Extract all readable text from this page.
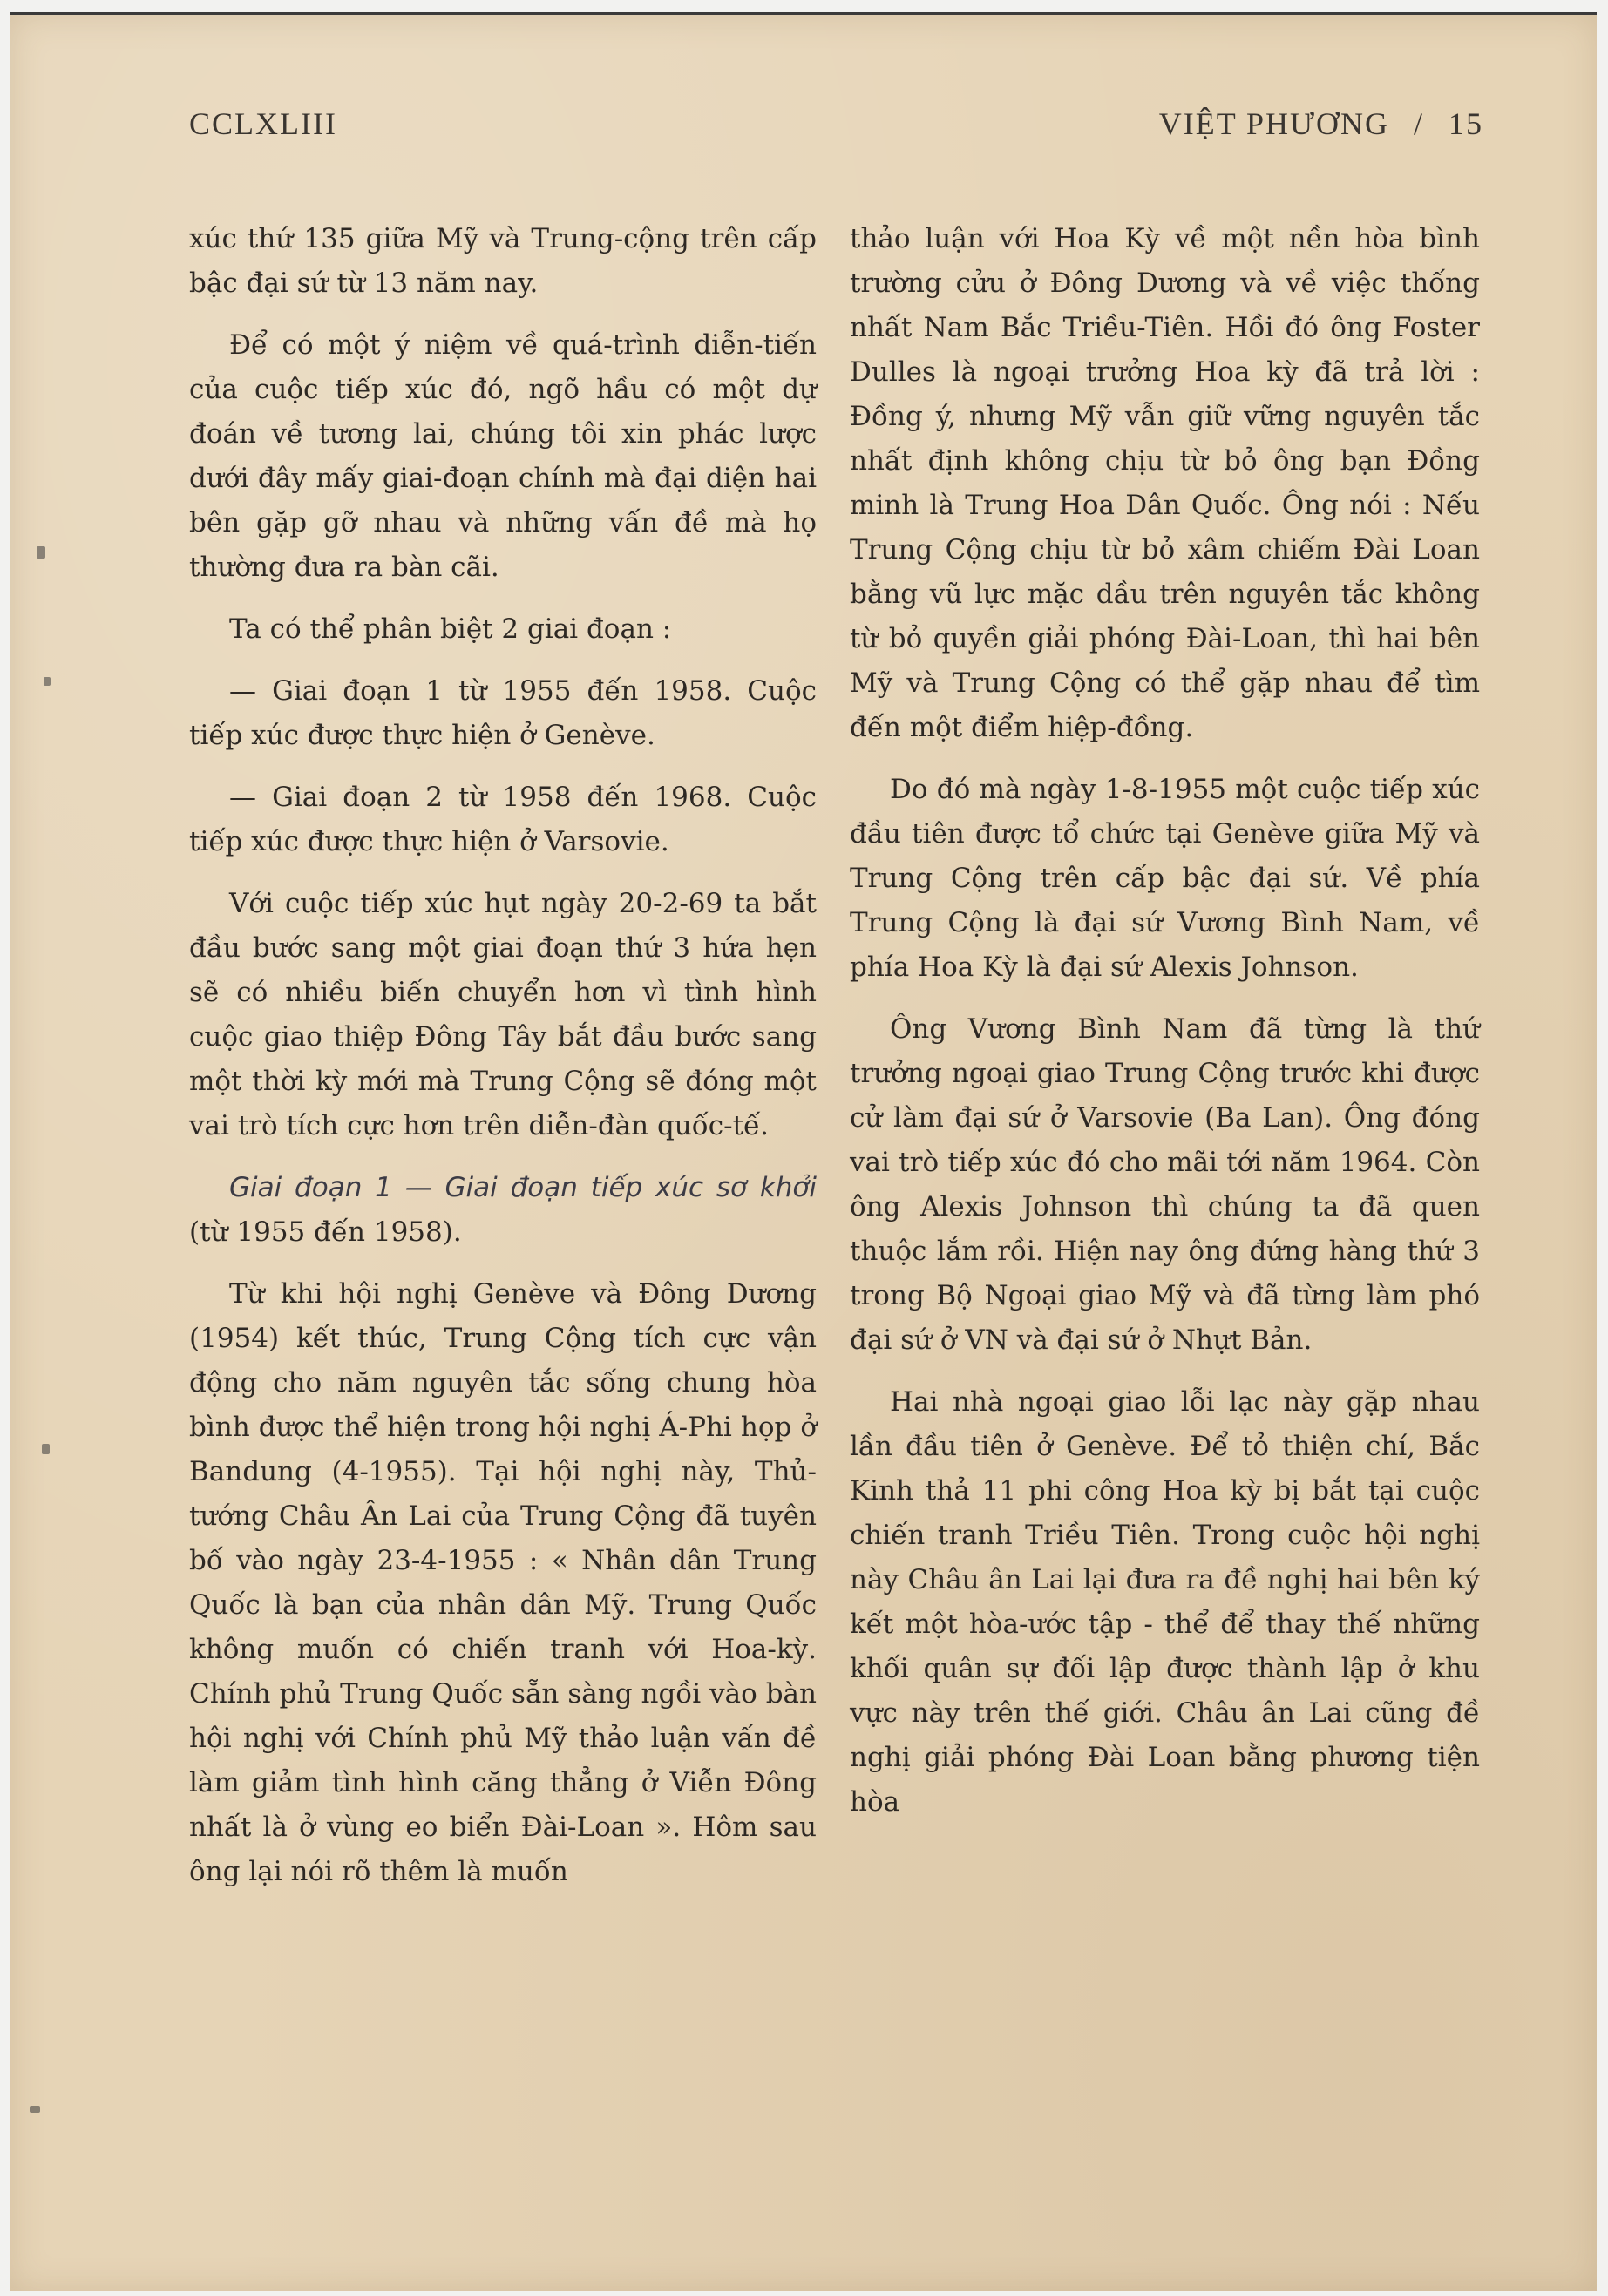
CCLXLIII	VIỆT PHƯƠNG / 15

xúc thứ 135 giữa Mỹ và Trung-cộng trên cấp bậc đại sứ từ 13 năm nay.

Để có một ý niệm về quá-trình diễn-tiến của cuộc tiếp xúc đó, ngõ hầu có một dự đoán về tương lai, chúng tôi xin phác lược dưới đây mấy giai-đoạn chính mà đại diện hai bên gặp gỡ nhau và những vấn đề mà họ thường đưa ra bàn cãi.

Ta có thể phân biệt 2 giai đoạn :

— Giai đoạn 1 từ 1955 đến 1958. Cuộc tiếp xúc được thực hiện ở Genève.

— Giai đoạn 2 từ 1958 đến 1968. Cuộc tiếp xúc được thực hiện ở Varsovie.

Với cuộc tiếp xúc hụt ngày 20-2-69 ta bắt đầu bước sang một giai đoạn thứ 3 hứa hẹn sẽ có nhiều biến chuyển hơn vì tình hình cuộc giao thiệp Đông Tây bắt đầu bước sang một thời kỳ mới mà Trung Cộng sẽ đóng một vai trò tích cực hơn trên diễn-đàn quốc-tế.

Giai đoạn 1 — Giai đoạn tiếp xúc sơ khởi (từ 1955 đến 1958).

Từ khi hội nghị Genève và Đông Dương (1954) kết thúc, Trung Cộng tích cực vận động cho năm nguyên tắc sống chung hòa bình được thể hiện trong hội nghị Á-Phi họp ở Bandung (4-1955). Tại hội nghị này, Thủ-tướng Châu Ân Lai của Trung Cộng đã tuyên bố vào ngày 23-4-1955 : « Nhân dân Trung Quốc là bạn của nhân dân Mỹ. Trung Quốc không muốn có chiến tranh với Hoa-kỳ. Chính phủ Trung Quốc sẵn sàng ngồi vào bàn hội nghị với Chính phủ Mỹ thảo luận vấn đề làm giảm tình hình căng thẳng ở Viễn Đông nhất là ở vùng eo biển Đài-Loan ». Hôm sau ông lại nói rõ thêm là muốn

thảo luận với Hoa Kỳ về một nền hòa bình trường cửu ở Đông Dương và về việc thống nhất Nam Bắc Triều-Tiên. Hồi đó ông Foster Dulles là ngoại trưởng Hoa kỳ đã trả lời : Đồng ý, nhưng Mỹ vẫn giữ vững nguyên tắc nhất định không chịu từ bỏ ông bạn Đồng minh là Trung Hoa Dân Quốc. Ông nói : Nếu Trung Cộng chịu từ bỏ xâm chiếm Đài Loan bằng vũ lực mặc dầu trên nguyên tắc không từ bỏ quyền giải phóng Đài-Loan, thì hai bên Mỹ và Trung Cộng có thể gặp nhau để tìm đến một điểm hiệp-đồng.

Do đó mà ngày 1-8-1955 một cuộc tiếp xúc đầu tiên được tổ chức tại Genève giữa Mỹ và Trung Cộng trên cấp bậc đại sứ. Về phía Trung Cộng là đại sứ Vương Bình Nam, về phía Hoa Kỳ là đại sứ Alexis Johnson.

Ông Vương Bình Nam đã từng là thứ trưởng ngoại giao Trung Cộng trước khi được cử làm đại sứ ở Varsovie (Ba Lan). Ông đóng vai trò tiếp xúc đó cho mãi tới năm 1964. Còn ông Alexis Johnson thì chúng ta đã quen thuộc lắm rồi. Hiện nay ông đứng hàng thứ 3 trong Bộ Ngoại giao Mỹ và đã từng làm phó đại sứ ở VN và đại sứ ở Nhựt Bản.

Hai nhà ngoại giao lỗi lạc này gặp nhau lần đầu tiên ở Genève. Để tỏ thiện chí, Bắc Kinh thả 11 phi công Hoa kỳ bị bắt tại cuộc chiến tranh Triều Tiên. Trong cuộc hội nghị này Châu ân Lai lại đưa ra đề nghị hai bên ký kết một hòa-ước tập - thể để thay thế những khối quân sự đối lập được thành lập ở khu vực này trên thế giới. Châu ân Lai cũng đề nghị giải phóng Đài Loan bằng phương tiện hòa
